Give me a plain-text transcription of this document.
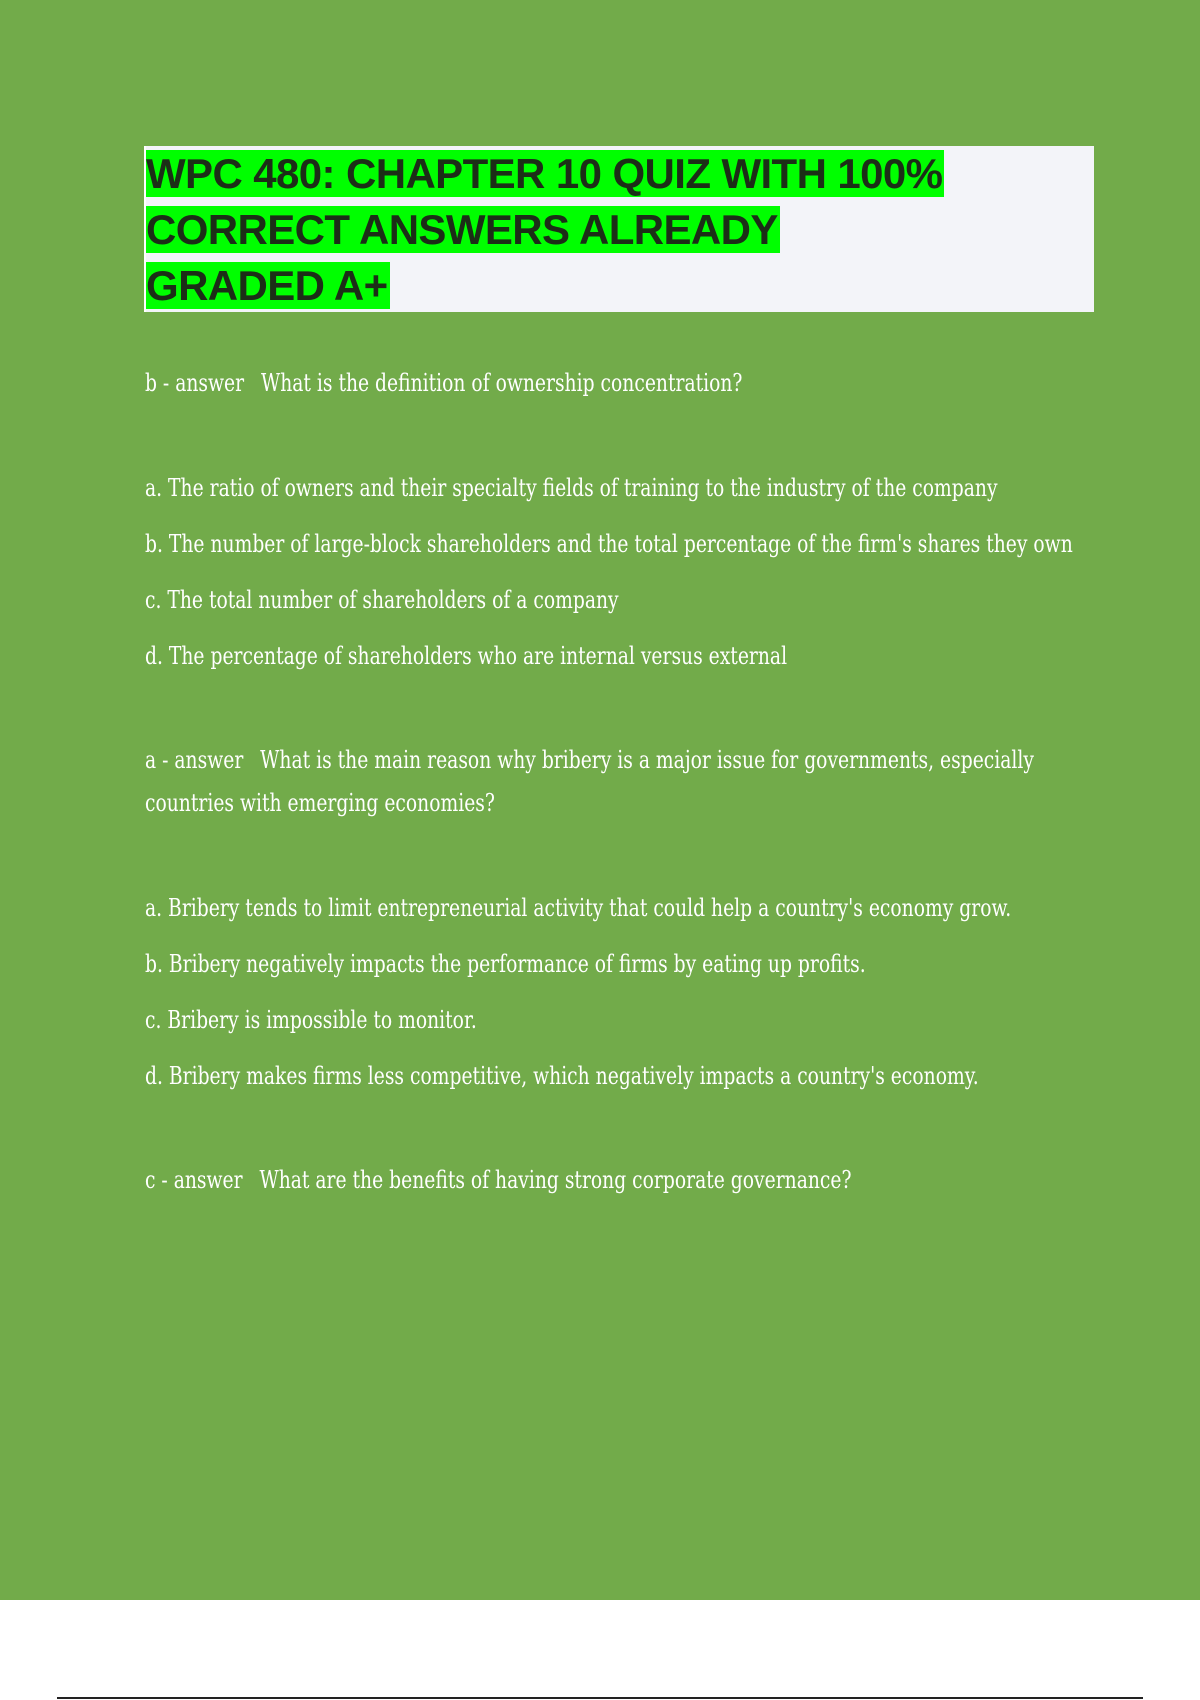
WPC 480: CHAPTER 10 QUIZ WITH 100%
CORRECT ANSWERS ALREADY
GRADED A+
b - answer What is the definition of ownership concentration?
a. The ratio of owners and their specialty fields of training to the industry of the company
b. The number of large-block shareholders and the total percentage of the firm's shares they own
c. The total number of shareholders of a company
d. The percentage of shareholders who are internal versus external
a - answer What is the main reason why bribery is a major issue for governments, especially countries with emerging economies?
a. Bribery tends to limit entrepreneurial activity that could help a country's economy grow.
b. Bribery negatively impacts the performance of firms by eating up profits.
c. Bribery is impossible to monitor.
d. Bribery makes firms less competitive, which negatively impacts a country's economy.
c - answer What are the benefits of having strong corporate governance?
